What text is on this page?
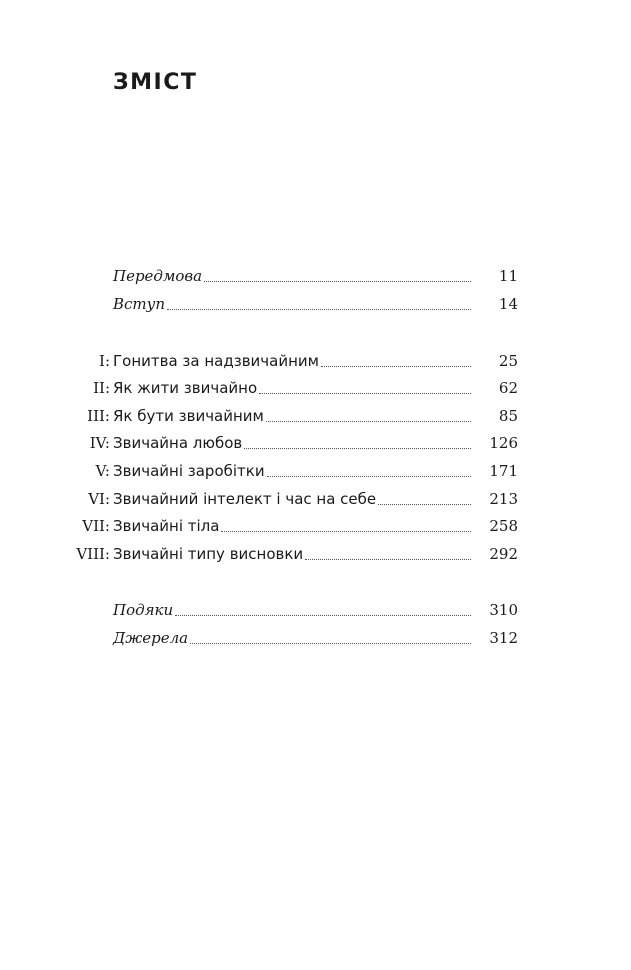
ЗМІСТ
Передмова	11
Вступ	14
I: Гонитва за надзвичайним	25
II: Як жити звичайно	62
III: Як бути звичайним	85
IV: Звичайна любов	126
V: Звичайні заробітки	171
VI: Звичайний інтелект і час на себе	213
VII: Звичайні тіла	258
VIII: Звичайні типу висновки	292
Подяки	310
Джерела	312
